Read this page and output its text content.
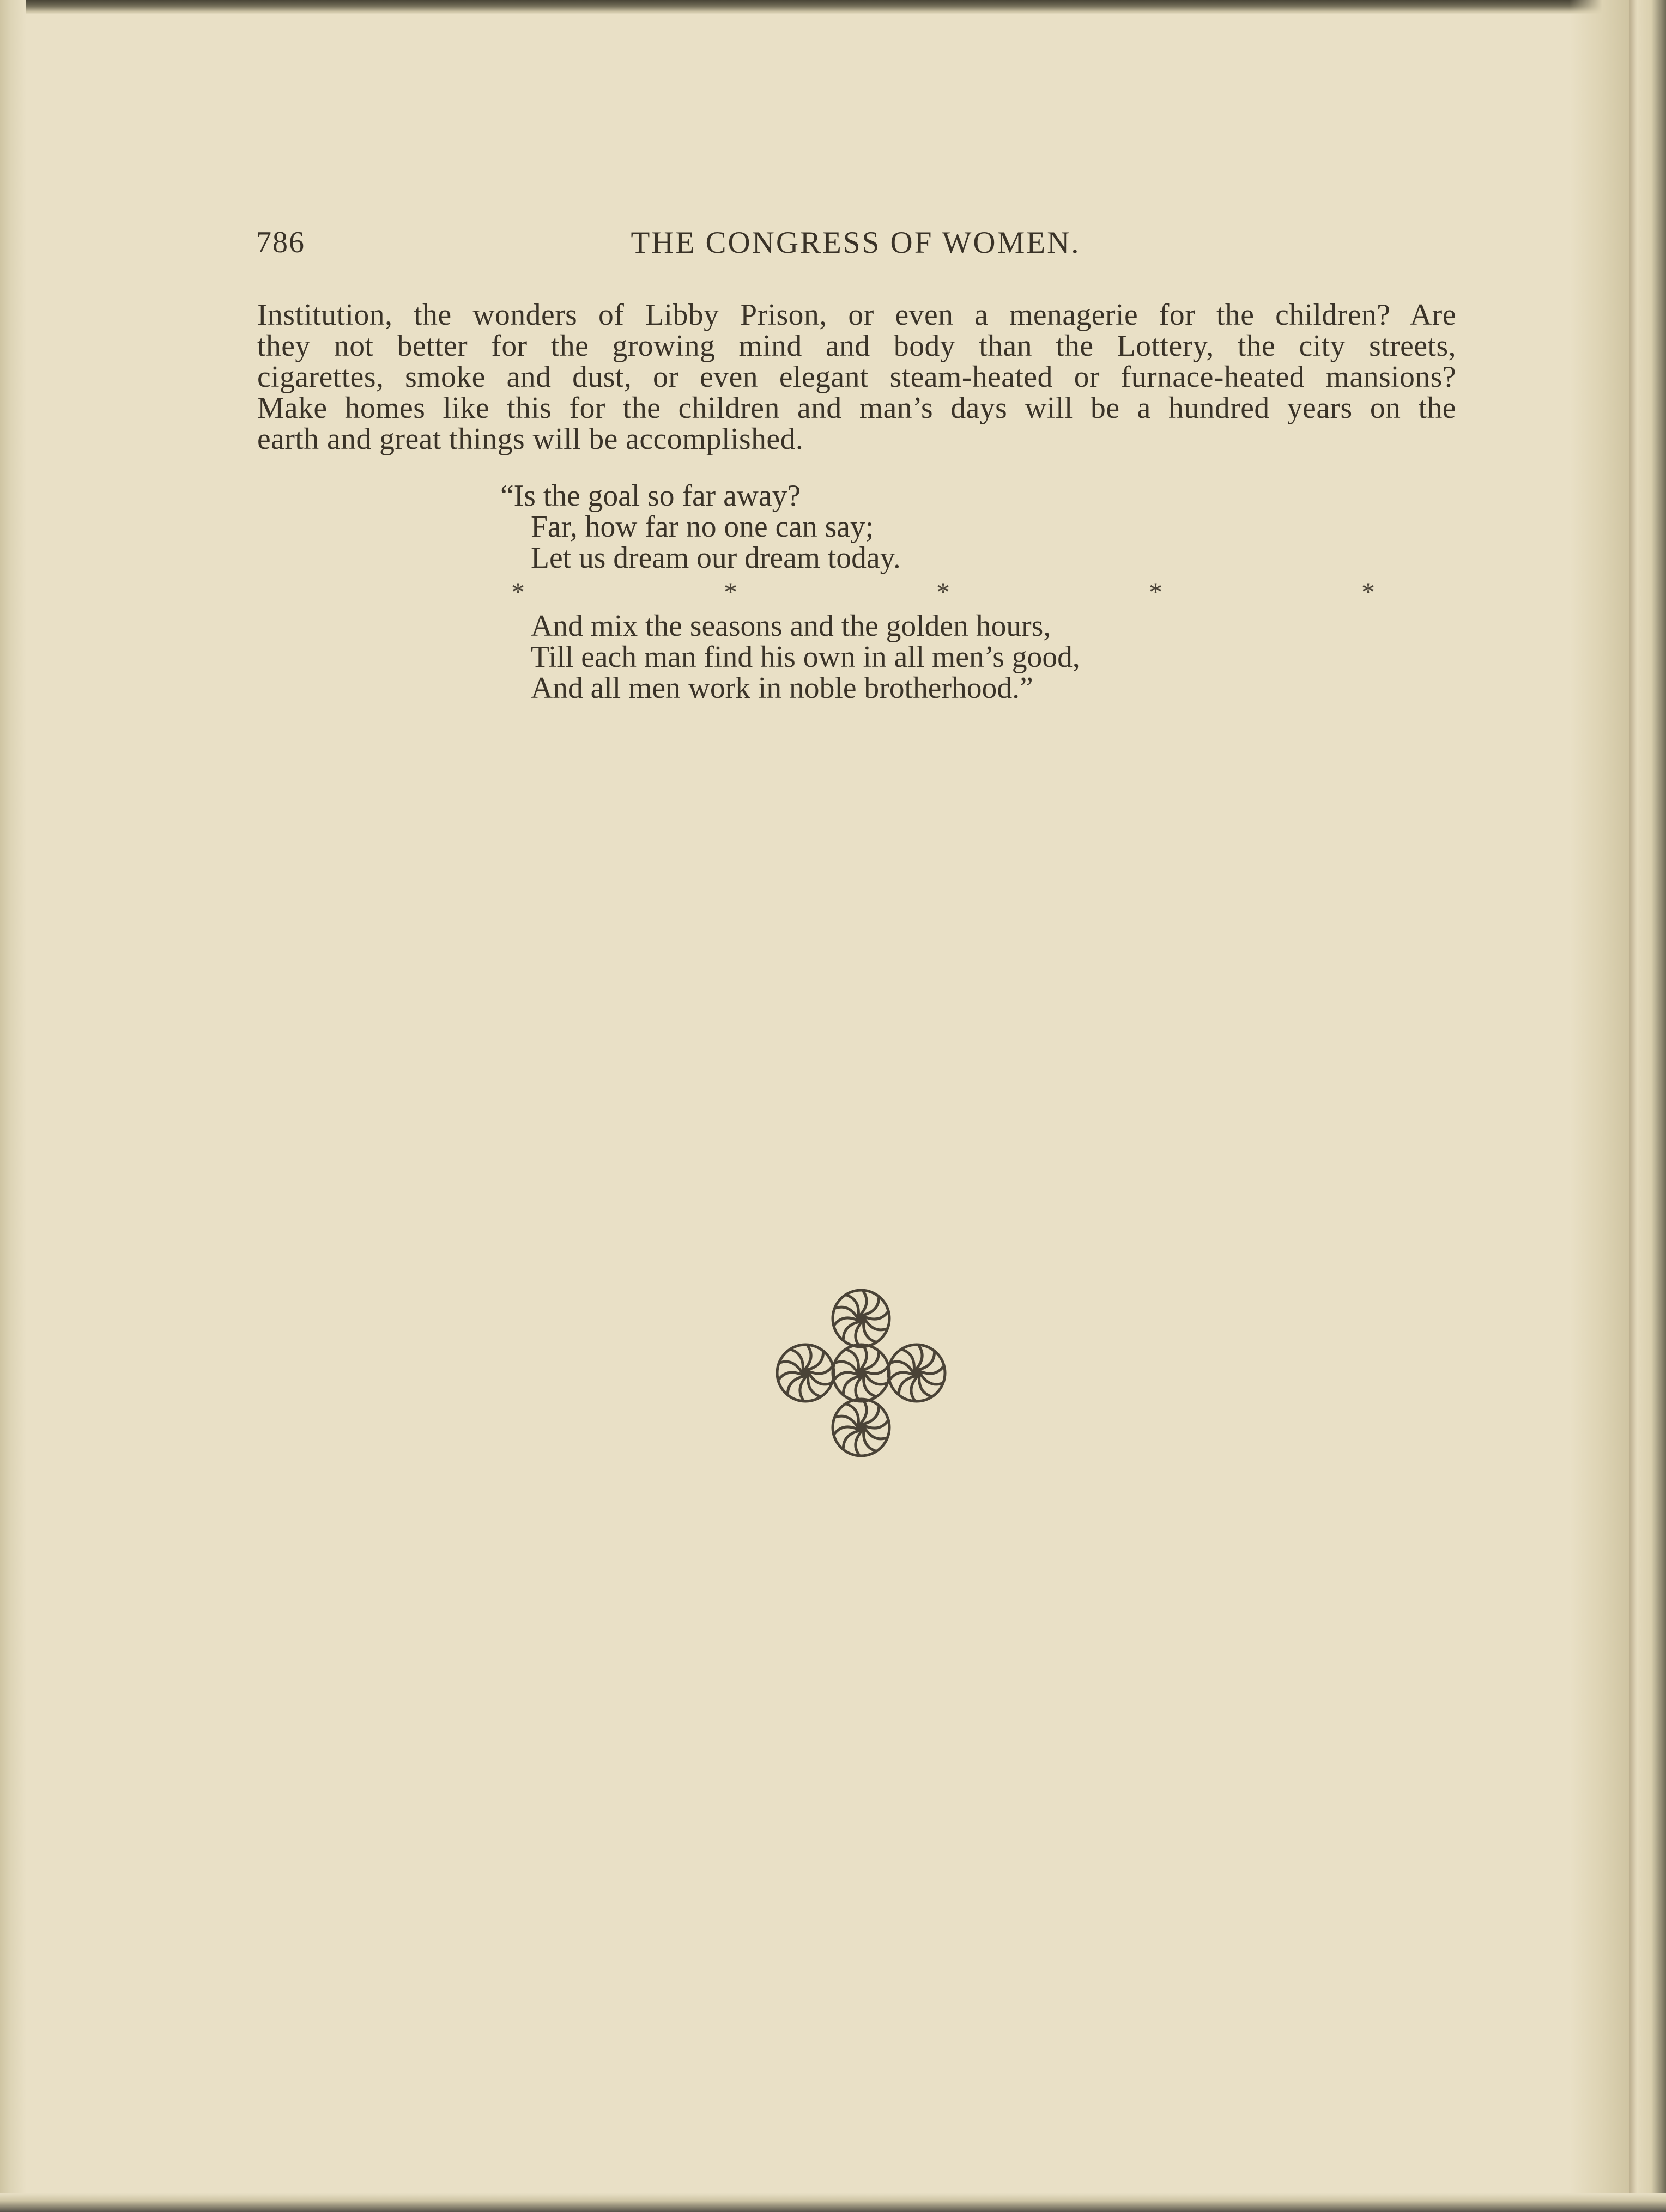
786	THE CONGRESS OF WOMEN.
Institution, the wonders of Libby Prison, or even a menagerie for the children? Are
they not better for the growing mind and body than the Lottery, the city streets,
cigarettes, smoke and dust, or even elegant steam-heated or furnace-heated mansions?
Make homes like this for the children and man’s days will be a hundred years on the
earth and great things will be accomplished.
“Is the goal so far away?
Far, how far no one can say;
Let us dream our dream today.
*	*	*	*	*
And mix the seasons and the golden hours,
Till each man find his own in all men’s good,
And all men work in noble brotherhood.”
